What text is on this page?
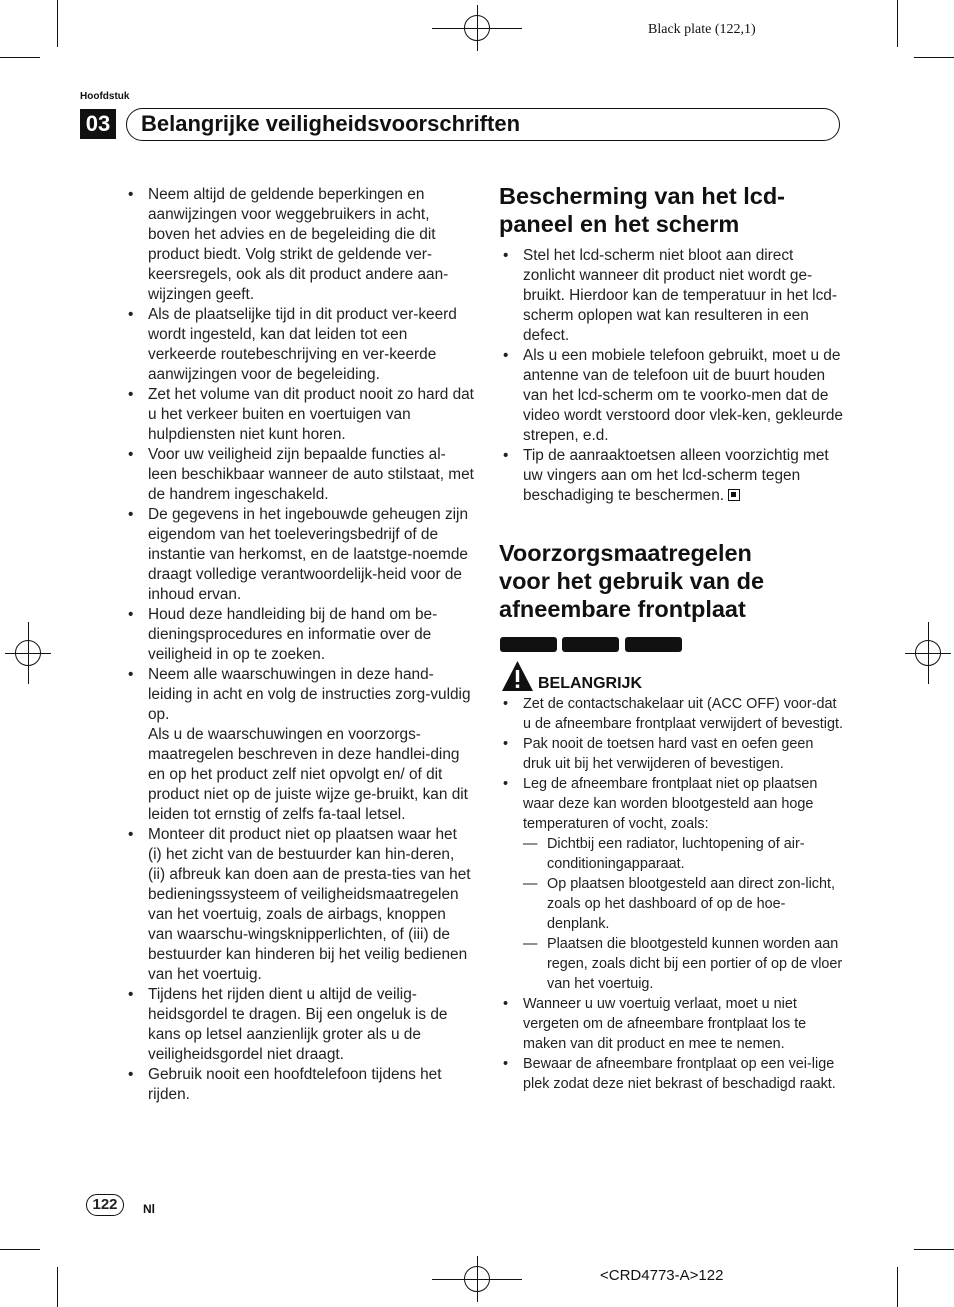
Black plate (122,1)
Hoofdstuk
03 Belangrijke veiligheidsvoorschriften
• Neem altijd de geldende beperkingen en aanwijzingen voor weggebruikers in acht, boven het advies en de begeleiding die dit product biedt. Volg strikt de geldende ver-keersregels, ook als dit product andere aan-wijzingen geeft.
• Als de plaatselijke tijd in dit product ver-keerd wordt ingesteld, kan dat leiden tot een verkeerde routebeschrijving en ver-keerde aanwijzingen voor de begeleiding.
• Zet het volume van dit product nooit zo hard dat u het verkeer buiten en voertuigen van hulpdiensten niet kunt horen.
• Voor uw veiligheid zijn bepaalde functies al-leen beschikbaar wanneer de auto stilstaat, met de handrem ingeschakeld.
• De gegevens in het ingebouwde geheugen zijn eigendom van het toeleveringsbedrijf of de instantie van herkomst, en de laatstge-noemde draagt volledige verantwoordelijk-heid voor de inhoud ervan.
• Houd deze handleiding bij de hand om be-dieningsprocedures en informatie over de veiligheid in op te zoeken.
• Neem alle waarschuwingen in deze hand-leiding in acht en volg de instructies zorg-vuldig op.
Als u de waarschuwingen en voorzorgs-maatregelen beschreven in deze handlei-ding en op het product zelf niet opvolgt en/ of dit product niet op de juiste wijze ge-bruikt, kan dit leiden tot ernstig of zelfs fa-taal letsel.
• Monteer dit product niet op plaatsen waar het (i) het zicht van de bestuurder kan hin-deren, (ii) afbreuk kan doen aan de presta-ties van het bedieningssysteem of veiligheidsmaatregelen van het voertuig, zoals de airbags, knoppen van waarschu-wingsknipperlichten, of (iii) de bestuurder kan hinderen bij het veilig bedienen van het voertuig.
• Tijdens het rijden dient u altijd de veilig-heidsgordel te dragen. Bij een ongeluk is de kans op letsel aanzienlijk groter als u de veiligheidsgordel niet draagt.
• Gebruik nooit een hoofdtelefoon tijdens het rijden.
Bescherming van het lcd-
paneel en het scherm
• Stel het lcd-scherm niet bloot aan direct zonlicht wanneer dit product niet wordt ge-bruikt. Hierdoor kan de temperatuur in het lcd-scherm oplopen wat kan resulteren in een defect.
• Als u een mobiele telefoon gebruikt, moet u de antenne van de telefoon uit de buurt houden van het lcd-scherm om te voorko-men dat de video wordt verstoord door vlek-ken, gekleurde strepen, e.d.
• Tip de aanraaktoetsen alleen voorzichtig met uw vingers aan om het lcd-scherm tegen beschadiging te beschermen.
Voorzorgsmaatregelen
voor het gebruik van de
afneembare frontplaat
BELANGRIJK
• Zet de contactschakelaar uit (ACC OFF) voor-dat u de afneembare frontplaat verwijdert of bevestigt.
• Pak nooit de toetsen hard vast en oefen geen druk uit bij het verwijderen of bevestigen.
• Leg de afneembare frontplaat niet op plaatsen waar deze kan worden blootgesteld aan hoge temperaturen of vocht, zoals:
— Dichtbij een radiator, luchtopening of air-conditioningapparaat.
— Op plaatsen blootgesteld aan direct zon-licht, zoals op het dashboard of op de hoe-denplank.
— Plaatsen die blootgesteld kunnen worden aan regen, zoals dicht bij een portier of op de vloer van het voertuig.
• Wanneer u uw voertuig verlaat, moet u niet vergeten om de afneembare frontplaat los te maken van dit product en mee te nemen.
• Bewaar de afneembare frontplaat op een vei-lige plek zodat deze niet bekrast of beschadigd raakt.
122	Nl
<CRD4773-A>122
